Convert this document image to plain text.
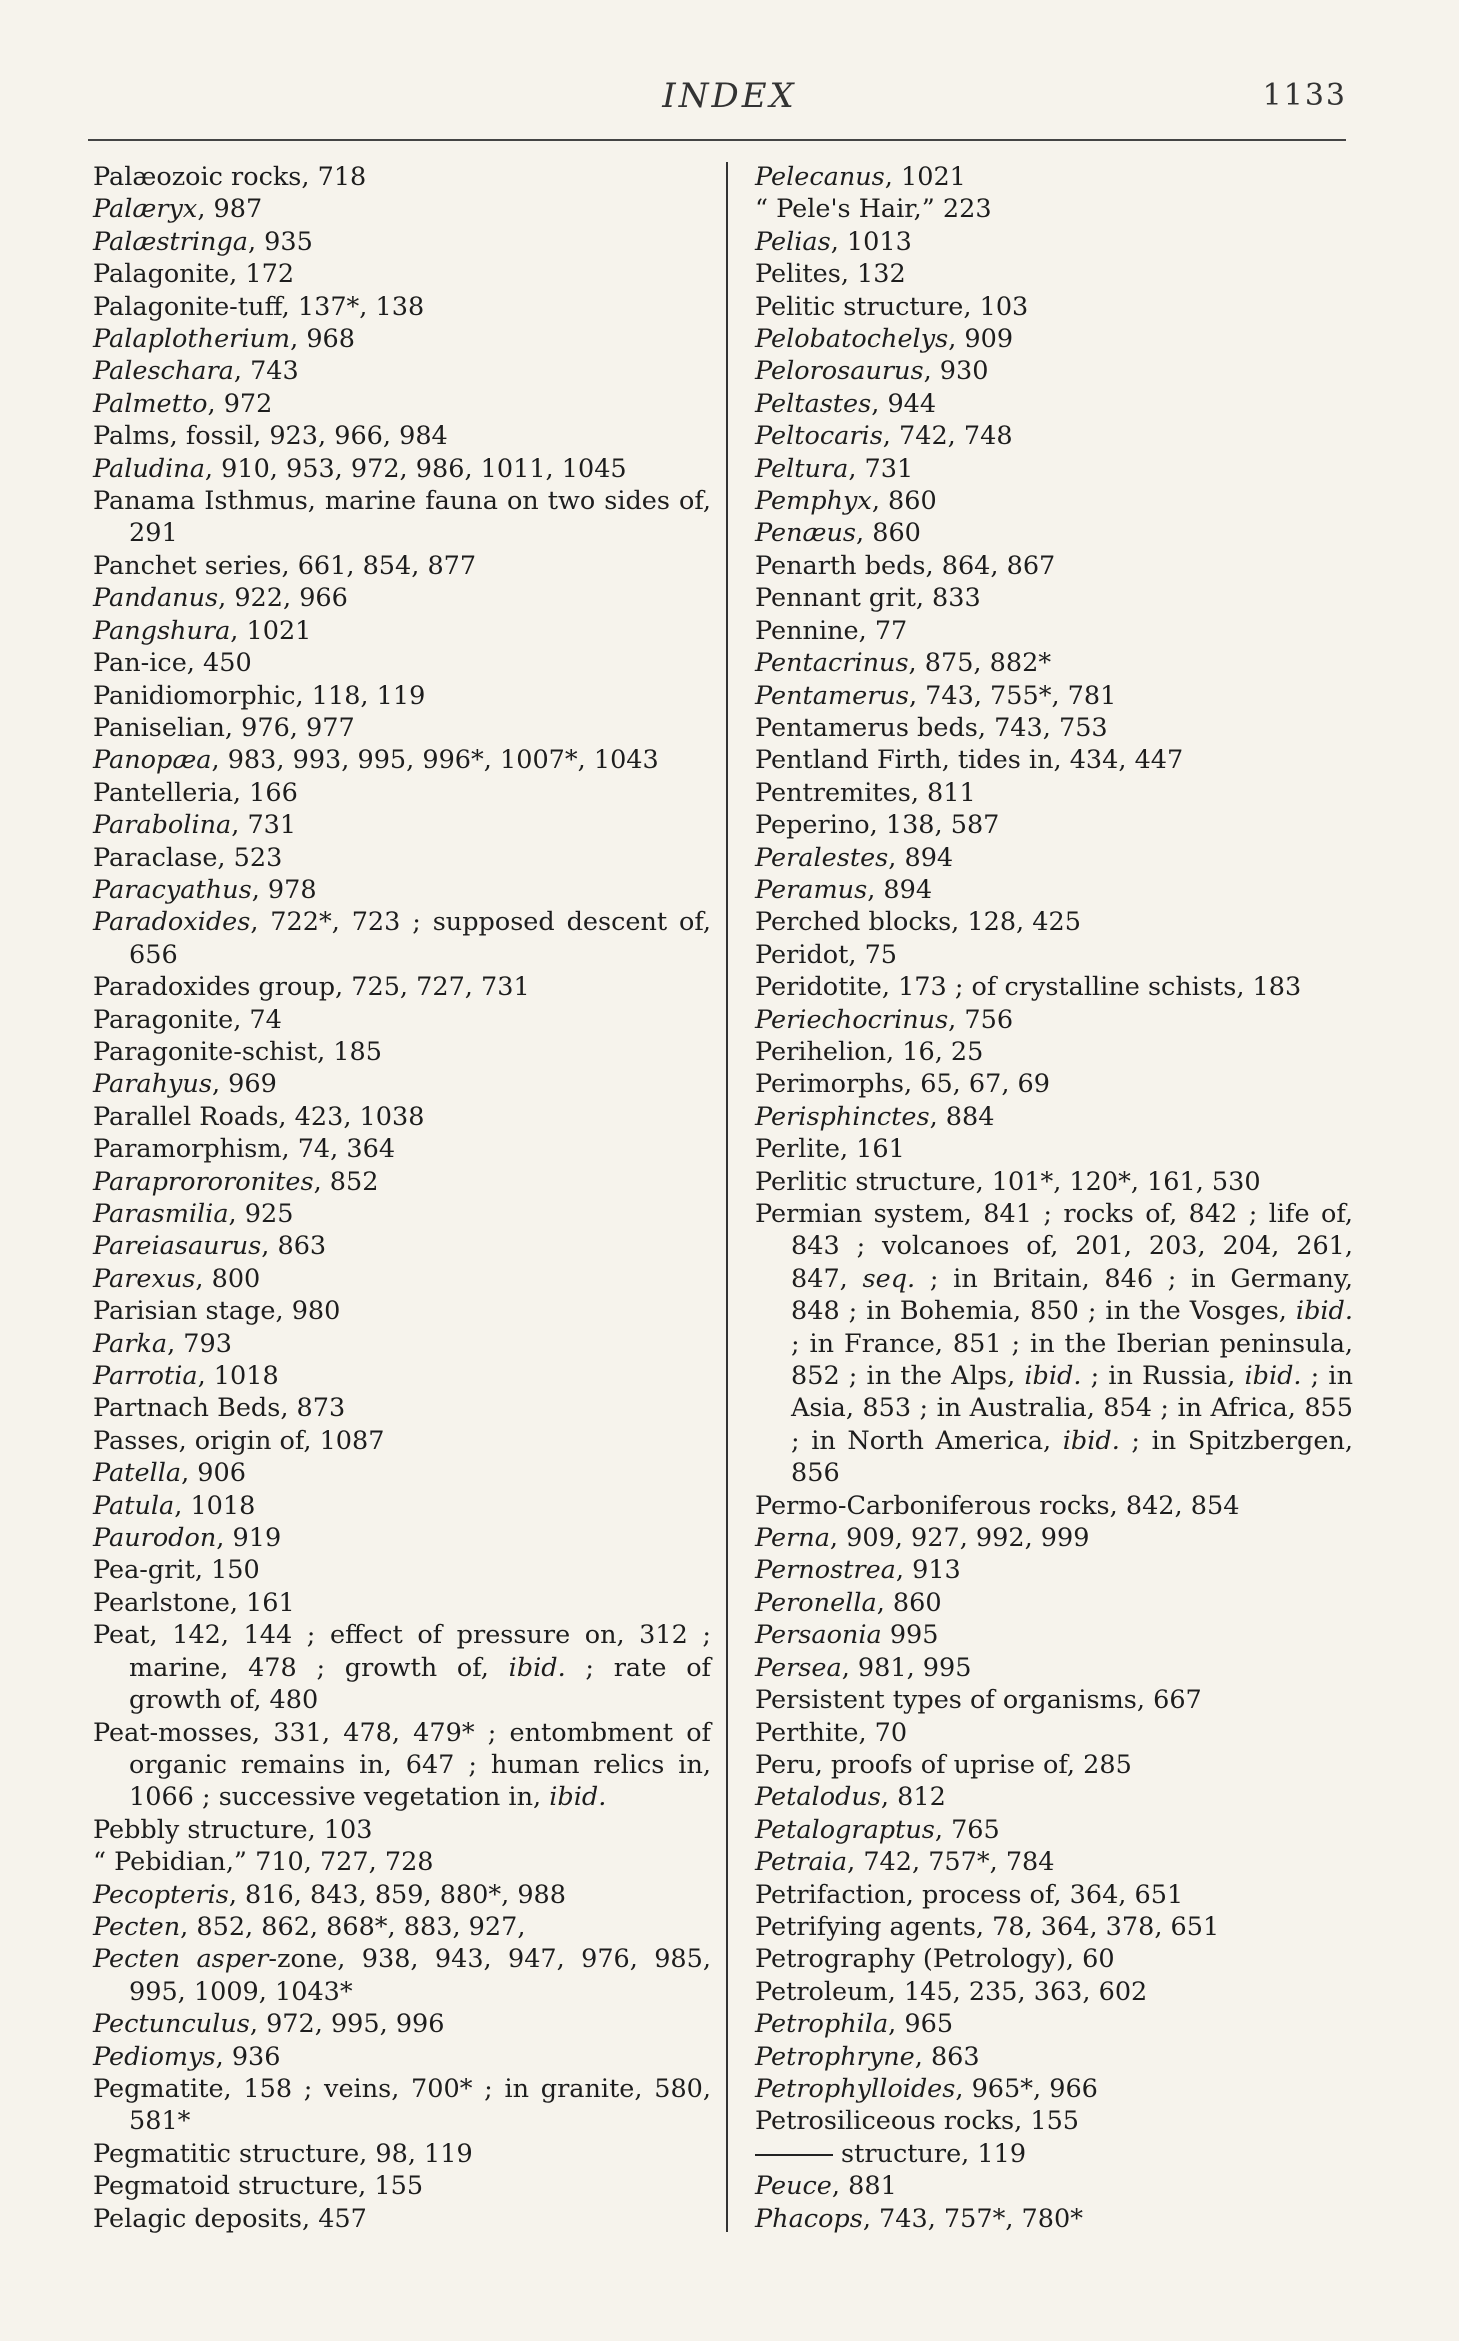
INDEX	1133

Palæozoic rocks, 718

Palæryx, 987

Palæstringa, 935

Palagonite, 172

Palagonite-tuff, 137*, 138

Palaplotherium, 968

Paleschara, 743

Palmetto, 972

Palms, fossil, 923, 966, 984

Paludina, 910, 953, 972, 986, 1011, 1045

Panama Isthmus, marine fauna on two sides of, 291

Panchet series, 661, 854, 877

Pandanus, 922, 966

Pangshura, 1021

Pan-ice, 450

Panidiomorphic, 118, 119

Paniselian, 976, 977

Panopæa, 983, 993, 995, 996*, 1007*, 1043

Pantelleria, 166

Parabolina, 731

Paraclase, 523

Paracyathus, 978

Paradoxides, 722*, 723 ; supposed descent of, 656

Paradoxides group, 725, 727, 731

Paragonite, 74

Paragonite-schist, 185

Parahyus, 969

Parallel Roads, 423, 1038

Paramorphism, 74, 364

Paraprororonites, 852

Parasmilia, 925

Pareiasaurus, 863

Parexus, 800

Parisian stage, 980

Parka, 793

Parrotia, 1018

Partnach Beds, 873

Passes, origin of, 1087

Patella, 906

Patula, 1018

Paurodon, 919

Pea-grit, 150

Pearlstone, 161

Peat, 142, 144 ; effect of pressure on, 312 ; marine, 478 ; growth of, ibid. ; rate of growth of, 480

Peat-mosses, 331, 478, 479* ; entombment of organic remains in, 647 ; human relics in, 1066 ; successive vegetation in, ibid.

Pebbly structure, 103

“ Pebidian,” 710, 727, 728

Pecopteris, 816, 843, 859, 880*, 988

Pecten, 852, 862, 868*, 883, 927,

Pecten asper-zone, 938, 943, 947, 976, 985, 995, 1009, 1043*

Pectunculus, 972, 995, 996

Pediomys, 936

Pegmatite, 158 ; veins, 700* ; in granite, 580, 581*

Pegmatitic structure, 98, 119

Pegmatoid structure, 155

Pelagic deposits, 457

Pelecanus, 1021

“ Pele's Hair,” 223

Pelias, 1013

Pelites, 132

Pelitic structure, 103

Pelobatochelys, 909

Pelorosaurus, 930

Peltastes, 944

Peltocaris, 742, 748

Peltura, 731

Pemphyx, 860

Penæus, 860

Penarth beds, 864, 867

Pennant grit, 833

Pennine, 77

Pentacrinus, 875, 882*

Pentamerus, 743, 755*, 781

Pentamerus beds, 743, 753

Pentland Firth, tides in, 434, 447

Pentremites, 811

Peperino, 138, 587

Peralestes, 894

Peramus, 894

Perched blocks, 128, 425

Peridot, 75

Peridotite, 173 ; of crystalline schists, 183

Periechocrinus, 756

Perihelion, 16, 25

Perimorphs, 65, 67, 69

Perisphinctes, 884

Perlite, 161

Perlitic structure, 101*, 120*, 161, 530

Permian system, 841 ; rocks of, 842 ; life of, 843 ; volcanoes of, 201, 203, 204, 261, 847, seq. ; in Britain, 846 ; in Germany, 848 ; in Bohemia, 850 ; in the Vosges, ibid. ; in France, 851 ; in the Iberian peninsula, 852 ; in the Alps, ibid. ; in Russia, ibid. ; in Asia, 853 ; in Australia, 854 ; in Africa, 855 ; in North America, ibid. ; in Spitzbergen, 856

Permo-Carboniferous rocks, 842, 854

Perna, 909, 927, 992, 999

Pernostrea, 913

Peronella, 860

Persaonia 995

Persea, 981, 995

Persistent types of organisms, 667

Perthite, 70

Peru, proofs of uprise of, 285

Petalodus, 812

Petalograptus, 765

Petraia, 742, 757*, 784

Petrifaction, process of, 364, 651

Petrifying agents, 78, 364, 378, 651

Petrography (Petrology), 60

Petroleum, 145, 235, 363, 602

Petrophila, 965

Petrophryne, 863

Petrophylloides, 965*, 966

Petrosiliceous rocks, 155

structure, 119

Peuce, 881

Phacops, 743, 757*, 780*
